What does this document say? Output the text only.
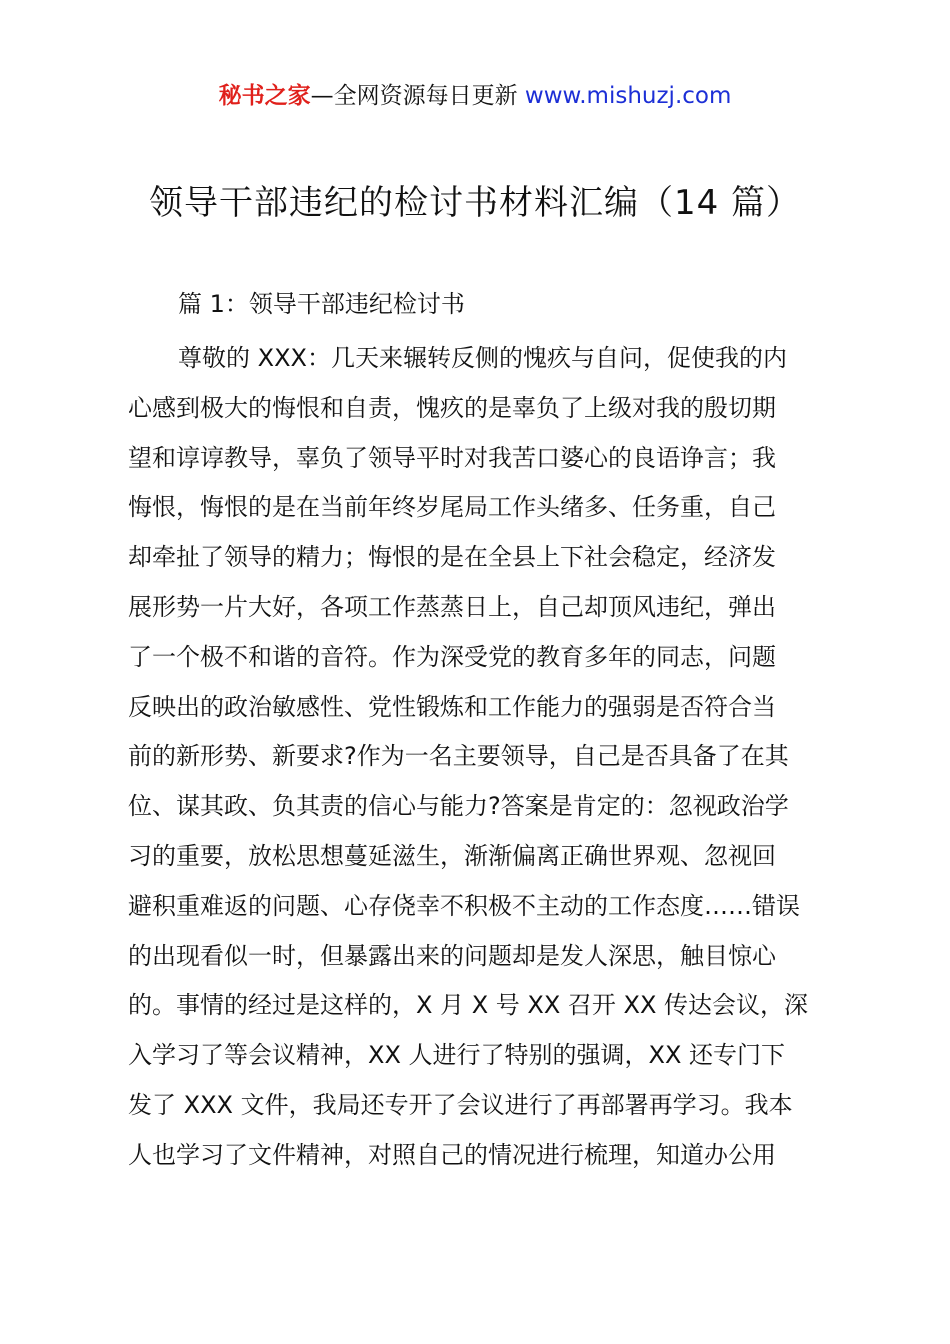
秘书之家—全网资源每日更新 www.mishuzj.com
领导干部违纪的检讨书材料汇编（14 篇）
篇 1：领导干部违纪检讨书
尊敬的 XXX：几天来辗转反侧的愧疚与自问，促使我的内
心感到极大的悔恨和自责，愧疚的是辜负了上级对我的殷切期
望和谆谆教导，辜负了领导平时对我苦口婆心的良语诤言；我
悔恨，悔恨的是在当前年终岁尾局工作头绪多、任务重，自己
却牵扯了领导的精力；悔恨的是在全县上下社会稳定，经济发
展形势一片大好，各项工作蒸蒸日上，自己却顶风违纪，弹出
了一个极不和谐的音符。作为深受党的教育多年的同志，问题
反映出的政治敏感性、党性锻炼和工作能力的强弱是否符合当
前的新形势、新要求?作为一名主要领导，自己是否具备了在其
位、谋其政、负其责的信心与能力?答案是肯定的：忽视政治学
习的重要，放松思想蔓延滋生，渐渐偏离正确世界观、忽视回
避积重难返的问题、心存侥幸不积极不主动的工作态度……错误
的出现看似一时，但暴露出来的问题却是发人深思，触目惊心
的。事情的经过是这样的，X 月 X 号 XX 召开 XX 传达会议，深
入学习了等会议精神，XX 人进行了特别的强调，XX 还专门下
发了 XXX 文件，我局还专开了会议进行了再部署再学习。我本
人也学习了文件精神，对照自己的情况进行梳理，知道办公用
